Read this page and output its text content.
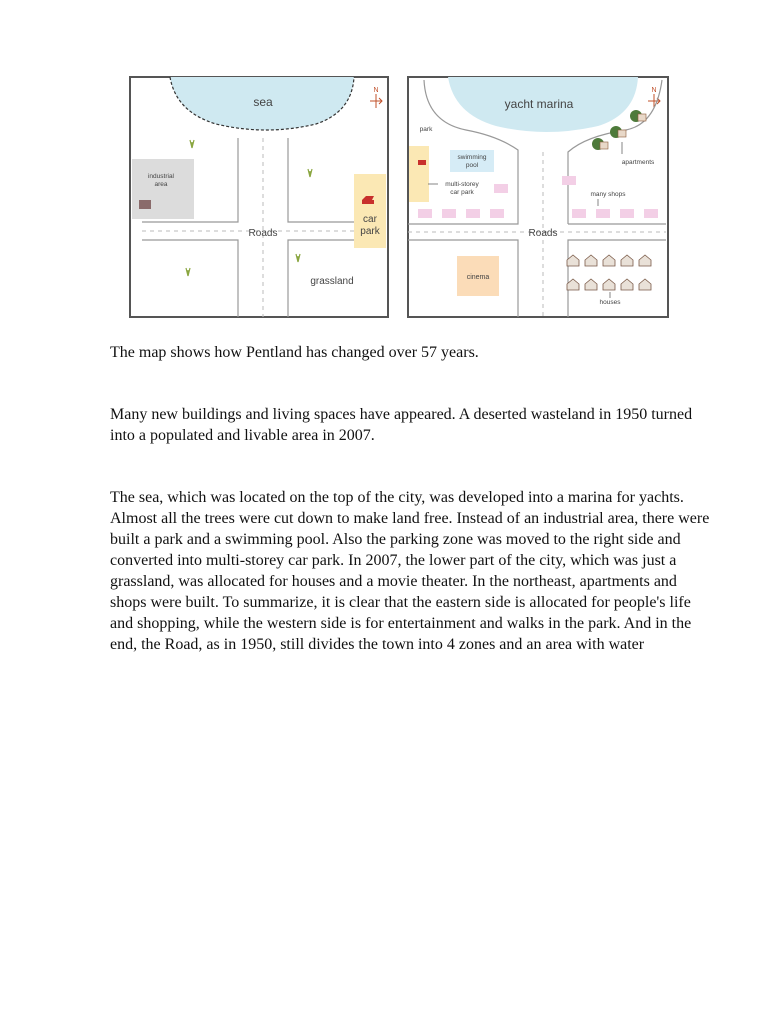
sea
N
Roads
industrial
area
car
park
grassland
yacht marina
N
Roads
park
swimming
pool
multi-storey
car park
apartments
many shops
cinema
houses

The map shows how Pentland has changed over 57 years.

Many new buildings and living spaces have appeared. A deserted wasteland in 1950 turned into a populated and livable area in 2007.

The sea, which was located on the top of the city, was developed into a marina for yachts. Almost all the trees were cut down to make land free. Instead of an industrial area, there were built a park and a swimming pool. Also the parking zone was moved to the right side and converted into multi-storey car park. In 2007, the lower part of the city, which was just a grassland, was allocated for houses and a movie theater. In the northeast, apartments and shops were built. To summarize, it is clear that the eastern side is allocated for people's life and shopping, while the western side is for entertainment and walks in the park. And in the end, the Road, as in 1950, still divides the town into 4 zones and an area with water
